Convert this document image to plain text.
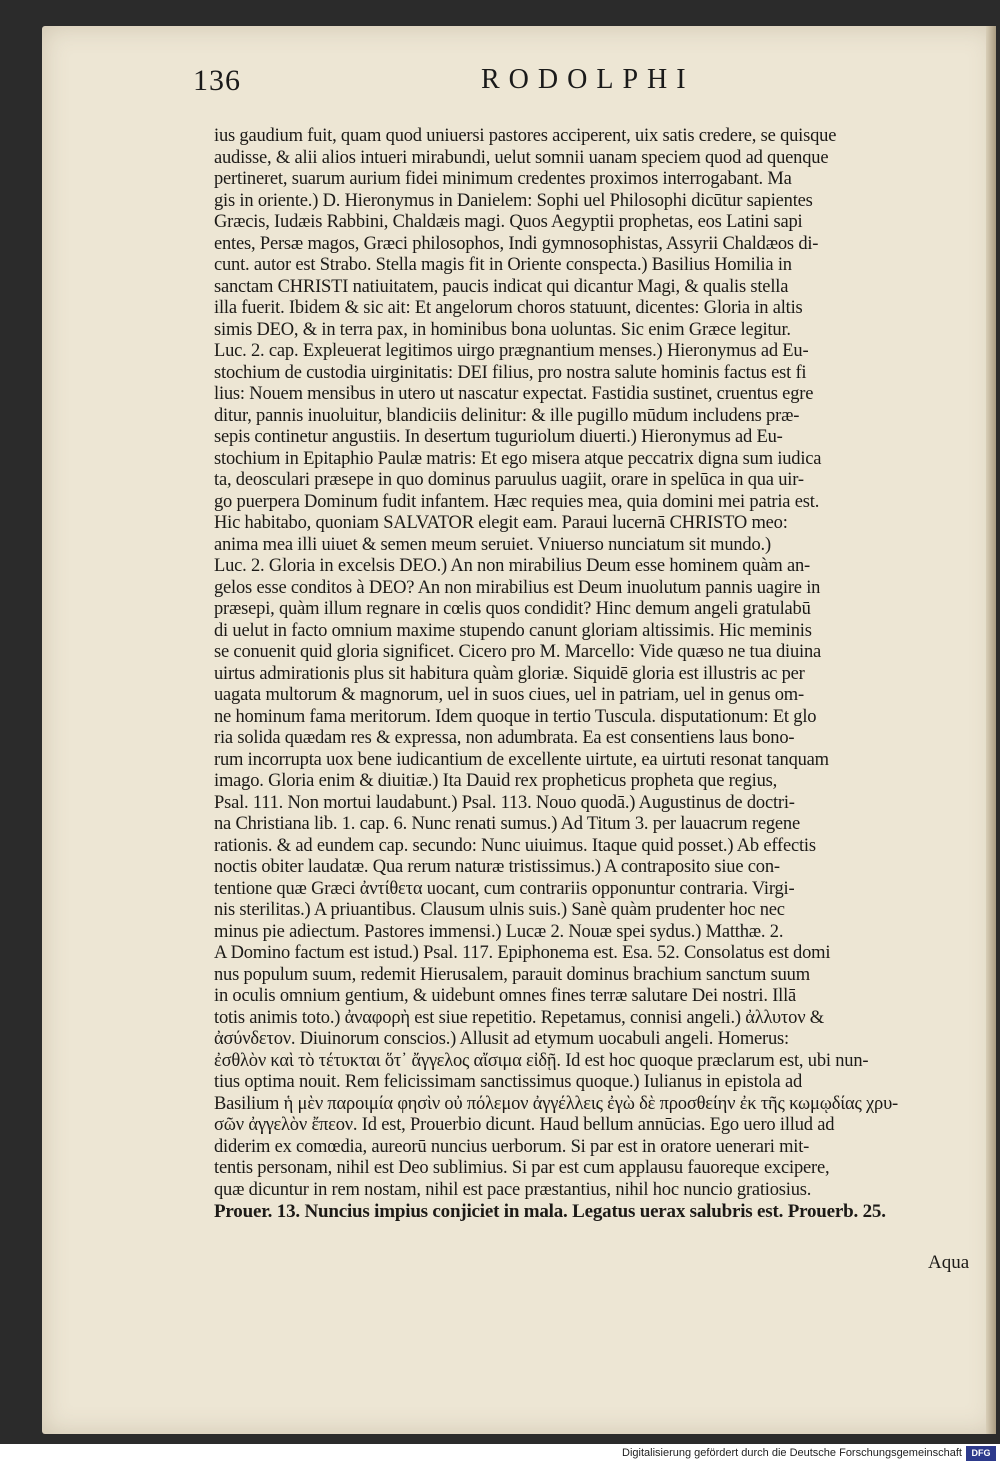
136	RODOLPHI
ius gaudium fuit, quam quod uniuersi pastores acciperent, uix satis credere, se quisque
audisse, & alii alios intueri mirabundi, uelut somnii uanam speciem quod ad quenque
pertineret, suarum aurium fidei minimum credentes proximos interrogabant. Ma
gis in oriente.) D. Hieronymus in Danielem: Sophi uel Philosophi dicūtur sapientes
Græcis, Iudæis Rabbini, Chaldæis magi. Quos Aegyptii prophetas, eos Latini sapi
entes, Persæ magos, Græci philosophos, Indi gymnosophistas, Assyrii Chaldæos di-
cunt. autor est Strabo. Stella magis fit in Oriente conspecta.) Basilius Homilia in
sanctam CHRISTI natiuitatem, paucis indicat qui dicantur Magi, & qualis stella
illa fuerit. Ibidem & sic ait: Et angelorum choros statuunt, dicentes: Gloria in altis
simis DEO, & in terra pax, in hominibus bona uoluntas. Sic enim Græce legitur.
Luc. 2. cap. Expleuerat legitimos uirgo prægnantium menses.) Hieronymus ad Eu-
stochium de custodia uirginitatis: DEI filius, pro nostra salute hominis factus est fi
lius: Nouem mensibus in utero ut nascatur expectat. Fastidia sustinet, cruentus egre
ditur, pannis inuoluitur, blandiciis delinitur: & ille pugillo mūdum includens præ-
sepis continetur angustiis. In desertum tuguriolum diuerti.) Hieronymus ad Eu-
stochium in Epitaphio Paulæ matris: Et ego misera atque peccatrix digna sum iudica
ta, deosculari præsepe in quo dominus paruulus uagiit, orare in spelūca in qua uir-
go puerpera Dominum fudit infantem. Hæc requies mea, quia domini mei patria est.
Hic habitabo, quoniam SALVATOR elegit eam. Paraui lucernā CHRISTO meo:
anima mea illi uiuet & semen meum seruiet. Vniuerso nunciatum sit mundo.)
Luc. 2. Gloria in excelsis DEO.) An non mirabilius Deum esse hominem quàm an-
gelos esse conditos à DEO? An non mirabilius est Deum inuolutum pannis uagire in
præsepi, quàm illum regnare in cœlis quos condidit? Hinc demum angeli gratulabū
di uelut in facto omnium maxime stupendo canunt gloriam altissimis. Hic meminis
se conuenit quid gloria significet. Cicero pro M. Marcello: Vide quæso ne tua diuina
uirtus admirationis plus sit habitura quàm gloriæ. Siquidē gloria est illustris ac per
uagata multorum & magnorum, uel in suos ciues, uel in patriam, uel in genus om-
ne hominum fama meritorum. Idem quoque in tertio Tuscula. disputationum: Et glo
ria solida quædam res & expressa, non adumbrata. Ea est consentiens laus bono-
rum incorrupta uox bene iudicantium de excellente uirtute, ea uirtuti resonat tanquam
imago. Gloria enim & diuitiæ.) Ita Dauid rex propheticus propheta que regius,
Psal. 111. Non mortui laudabunt.) Psal. 113. Nouo quodā.) Augustinus de doctri-
na Christiana lib. 1. cap. 6. Nunc renati sumus.) Ad Titum 3. per lauacrum regene
rationis. & ad eundem cap. secundo: Nunc uiuimus. Itaque quid posset.) Ab effectis
noctis obiter laudatæ. Qua rerum naturæ tristissimus.) A contraposito siue con-
tentione quæ Græci ἀντίθετα uocant, cum contrariis opponuntur contraria. Virgi-
nis sterilitas.) A priuantibus. Clausum ulnis suis.) Sanè quàm prudenter hoc nec
minus pie adiectum. Pastores immensi.) Lucæ 2. Nouæ spei sydus.) Matthæ. 2.
A Domino factum est istud.) Psal. 117. Epiphonema est. Esa. 52. Consolatus est domi
nus populum suum, redemit Hierusalem, parauit dominus brachium sanctum suum
in oculis omnium gentium, & uidebunt omnes fines terræ salutare Dei nostri. Illā
totis animis toto.) ἀναφορὴ est siue repetitio. Repetamus, connisi angeli.) ἀλλυτον &
ἀσύνδετον. Diuinorum conscios.) Allusit ad etymum uocabuli angeli. Homerus:
ἐσθλὸν καὶ τὸ τέτυκται ὅτ᾽ ἄγγελος αἴσιμα εἰδῇ. Id est hoc quoque præclarum est, ubi nun-
tius optima nouit. Rem felicissimam sanctissimus quoque.) Iulianus in epistola ad
Basilium ἡ μὲν παροιμία φησὶν οὐ πόλεμον ἀγγέλλεις ἐγὼ δὲ προσθείην ἐκ τῆς κωμῳδίας χρυ-
σῶν ἀγγελὸν ἔπεον. Id est, Prouerbio dicunt. Haud bellum annūcias. Ego uero illud ad
diderim ex comœdia, aureorū nuncius uerborum. Si par est in oratore uenerari mit-
tentis personam, nihil est Deo sublimius. Si par est cum applausu fauoreque excipere,
quæ dicuntur in rem nostam, nihil est pace præstantius, nihil hoc nuncio gratiosius.
Prouer. 13. Nuncius impius conjiciet in mala. Legatus uerax salubris est. Prouerb. 25.
Aqua
Digitalisierung gefördert durch die Deutsche Forschungsgemeinschaft	DFG
